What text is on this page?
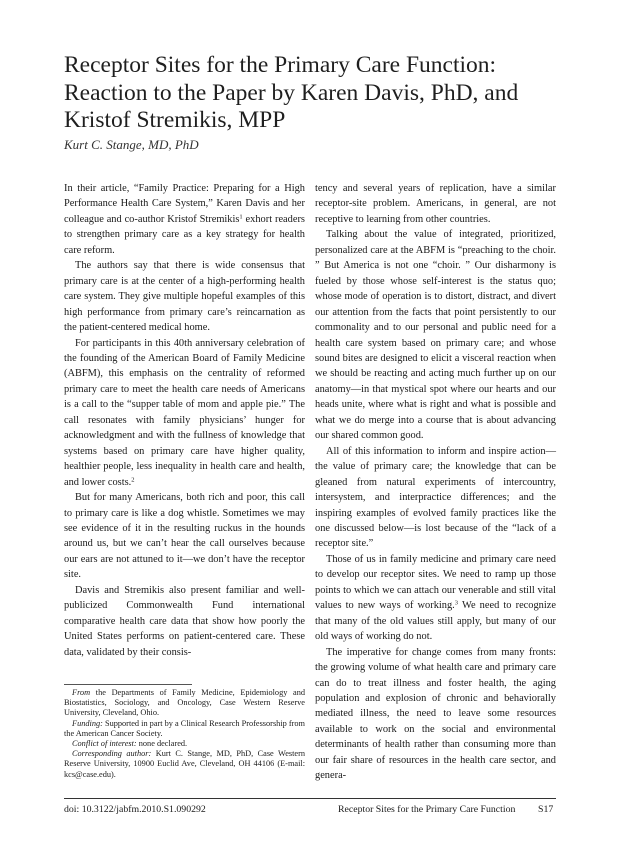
Receptor Sites for the Primary Care Function: Reaction to the Paper by Karen Davis, PhD, and Kristof Stremikis, MPP

Kurt C. Stange, MD, PhD

In their article, “Family Practice: Preparing for a High Performance Health Care System,” Karen Davis and her colleague and co-author Kristof Stremikis$^1$ exhort readers to strengthen primary care as a key strategy for health care reform.

The authors say that there is wide consensus that primary care is at the center of a high-performing health care system. They give multiple hopeful examples of this high performance from primary care’s reincarnation as the patient-centered medical home.

For participants in this 40th anniversary celebration of the founding of the American Board of Family Medicine (ABFM), this emphasis on the centrality of reformed primary care to meet the health care needs of Americans is a call to the “supper table of mom and apple pie.” The call resonates with family physicians’ hunger for acknowledgment and with the fullness of knowledge that systems based on primary care have higher quality, healthier people, less inequality in health care and health, and lower costs.$^2$

But for many Americans, both rich and poor, this call to primary care is like a dog whistle. Sometimes we may see evidence of it in the resulting ruckus in the hounds around us, but we can’t hear the call ourselves because our ears are not attuned to it—we don’t have the receptor site.

Davis and Stremikis also present familiar and well-publicized Commonwealth Fund international comparative health care data that show how poorly the United States performs on patient-centered care. These data, validated by their consis-

tency and several years of replication, have a similar receptor-site problem. Americans, in general, are not receptive to learning from other countries.

Talking about the value of integrated, prioritized, personalized care at the ABFM is “preaching to the choir. ” But America is not one “choir. ” Our disharmony is fueled by those whose self-interest is the status quo; whose mode of operation is to distort, distract, and divert our attention from the facts that point persistently to our commonality and to our personal and public need for a health care system based on primary care; and whose sound bites are designed to elicit a visceral reaction when we should be reacting and acting much further up on our anatomy—in that mystical spot where our hearts and our heads unite, where what is right and what is possible and what we do merge into a course that is about advancing our shared common good.

All of this information to inform and inspire action—the value of primary care; the knowledge that can be gleaned from natural experiments of intercountry, intersystem, and interpractice differences; and the inspiring examples of evolved family practices like the one discussed below—is lost because of the “lack of a receptor site.”

Those of us in family medicine and primary care need to develop our receptor sites. We need to ramp up those points to which we can attach our venerable and still vital values to new ways of working.$^3$ We need to recognize that many of the old values still apply, but many of our old ways of working do not.

The imperative for change comes from many fronts: the growing volume of what health care and primary care can do to treat illness and foster health, the aging population and explosion of chronic and behaviorally mediated illness, the need to leave some resources available to work on the social and environmental determinants of health rather than consuming more than our fair share of resources in the health care sector, and genera-

From the Departments of Family Medicine, Epidemiology and Biostatistics, Sociology, and Oncology, Case Western Reserve University, Cleveland, Ohio.

Funding: Supported in part by a Clinical Research Professorship from the American Cancer Society.

Conflict of interest: none declared.

Corresponding author: Kurt C. Stange, MD, PhD, Case Western Reserve University, 10900 Euclid Ave, Cleveland, OH 44106 (E-mail: kcs@case.edu).

doi: 10.3122/jabfm.2010.S1.090292	Receptor Sites for the Primary Care Function S17
